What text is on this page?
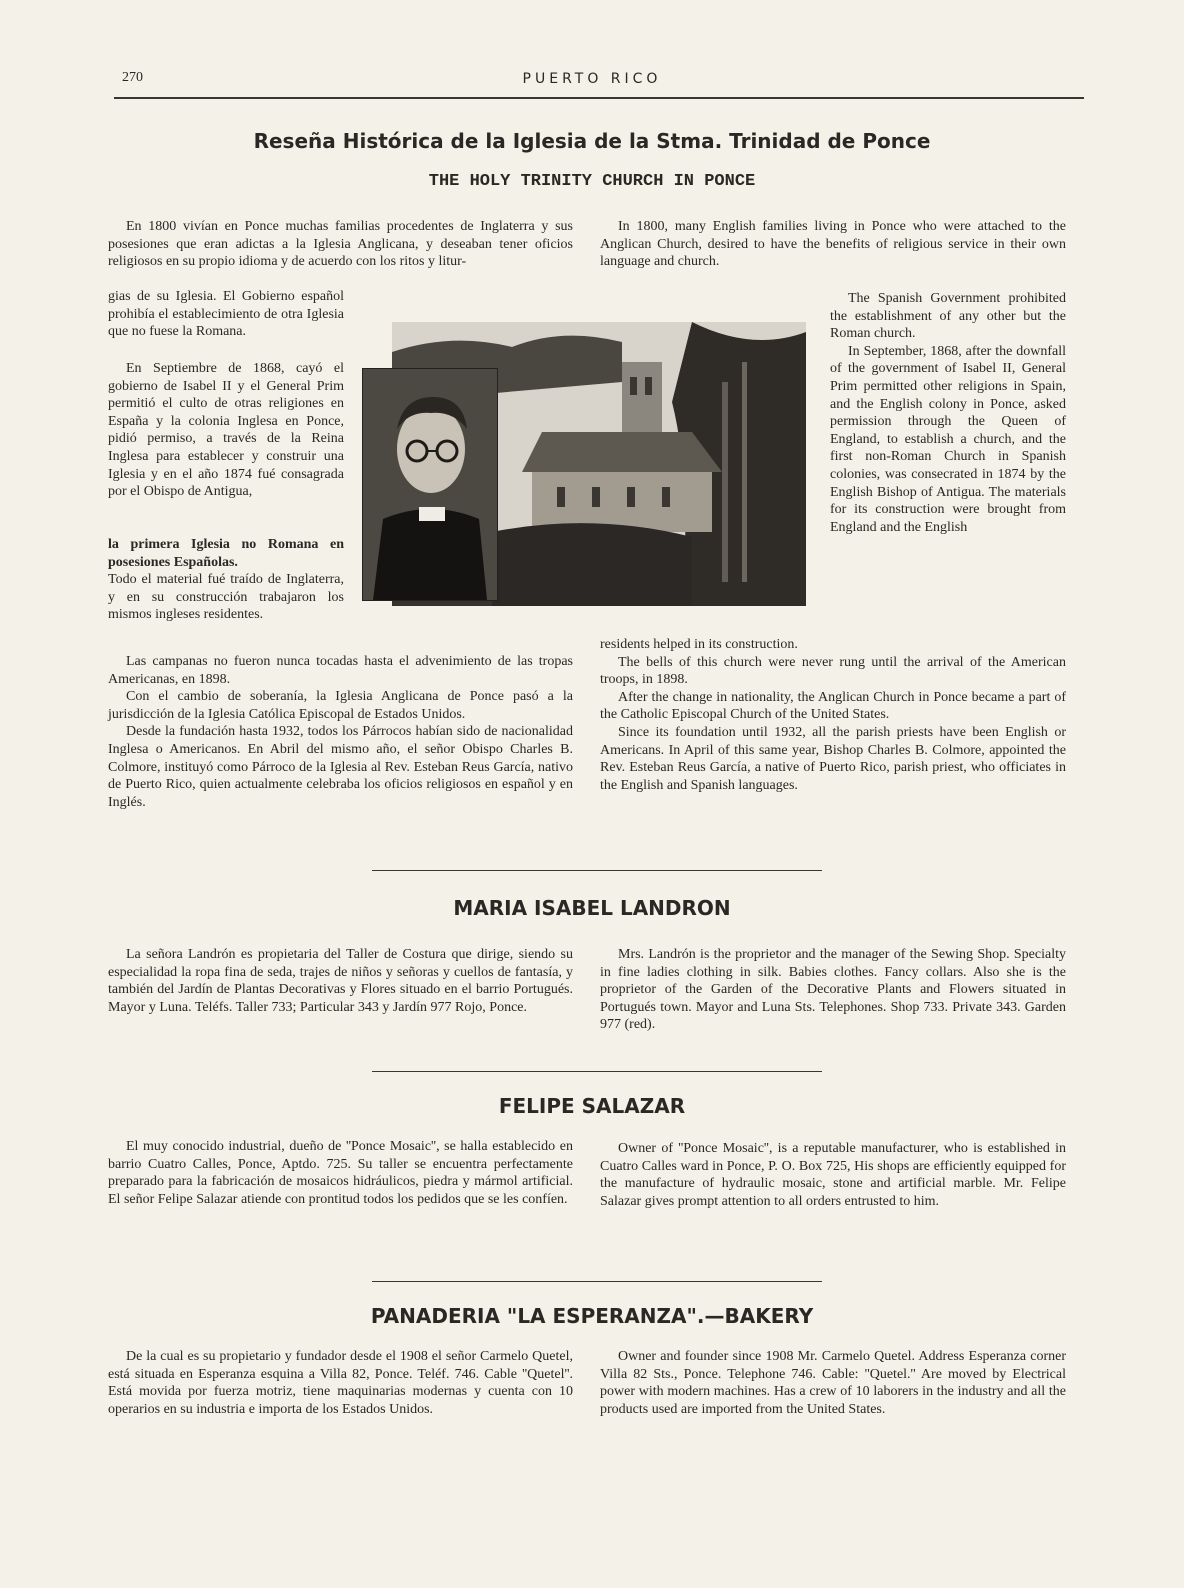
270	PUERTO RICO
Reseña Histórica de la Iglesia de la Stma. Trinidad de Ponce
THE HOLY TRINITY CHURCH IN PONCE

En 1800 vivían en Ponce muchas familias procedentes de Inglaterra y sus posesiones que eran adictas a la Iglesia Anglicana, y deseaban tener oficios religiosos en su propio idioma y de acuerdo con los ritos y litur-

gias de su Iglesia. El Gobierno español prohibía el establecimiento de otra Iglesia que no fuese la Romana.

En Septiembre de 1868, cayó el gobierno de Isabel II y el General Prim permitió el culto de otras religiones en España y la colonia Inglesa en Ponce, pidió permiso, a través de la Reina Inglesa para establecer y construir una Iglesia y en el año 1874 fué consagrada por el Obispo de Antigua,

la primera Iglesia no Romana en posesiones Españolas.

Todo el material fué traído de Inglaterra, y en su construcción trabajaron los mismos ingleses residentes.

Las campanas no fueron nunca tocadas hasta el advenimiento de las tropas Americanas, en 1898.

Con el cambio de soberanía, la Iglesia Anglicana de Ponce pasó a la jurisdicción de la Iglesia Católica Episcopal de Estados Unidos.

Desde la fundación hasta 1932, todos los Párrocos habían sido de nacionalidad Inglesa o Americanos. En Abril del mismo año, el señor Obispo Charles B. Colmore, instituyó como Párroco de la Iglesia al Rev. Esteban Reus García, nativo de Puerto Rico, quien actualmente celebraba los oficios religiosos en español y en Inglés.

In 1800, many English families living in Ponce who were attached to the Anglican Church, desired to have the benefits of religious service in their own language and church.

The Spanish Government prohibited the establishment of any other but the Roman church.

In September, 1868, after the downfall of the government of Isabel II, General Prim permitted other religions in Spain, and the English colony in Ponce, asked permission through the Queen of England, to establish a church, and the first non-Roman Church in Spanish colonies, was consecrated in 1874 by the English Bishop of Antigua. The materials for its construction were brought from England and the English

residents helped in its construction.

The bells of this church were never rung until the arrival of the American troops, in 1898.

After the change in nationality, the Anglican Church in Ponce became a part of the Catholic Episcopal Church of the United States.

Since its foundation until 1932, all the parish priests have been English or Americans. In April of this same year, Bishop Charles B. Colmore, appointed the Rev. Esteban Reus García, a native of Puerto Rico, parish priest, who officiates in the English and Spanish languages.

MARIA ISABEL LANDRON

La señora Landrón es propietaria del Taller de Costura que dirige, siendo su especialidad la ropa fina de seda, trajes de niños y señoras y cuellos de fantasía, y también del Jardín de Plantas Decorativas y Flores situado en el barrio Portugués. Mayor y Luna. Teléfs. Taller 733; Particular 343 y Jardín 977 Rojo, Ponce.

Mrs. Landrón is the proprietor and the manager of the Sewing Shop. Specialty in fine ladies clothing in silk. Babies clothes. Fancy collars. Also she is the proprietor of the Garden of the Decorative Plants and Flowers situated in Portugués town. Mayor and Luna Sts. Telephones. Shop 733. Private 343. Garden 977 (red).

FELIPE SALAZAR

El muy conocido industrial, dueño de ''Ponce Mosaic'', se halla establecido en barrio Cuatro Calles, Ponce, Aptdo. 725. Su taller se encuentra perfectamente preparado para la fabricación de mosaicos hidráulicos, piedra y mármol artificial. El señor Felipe Salazar atiende con prontitud todos los pedidos que se les confíen.

Owner of ''Ponce Mosaic'', is a reputable manufacturer, who is established in Cuatro Calles ward in Ponce, P. O. Box 725, His shops are efficiently equipped for the manufacture of hydraulic mosaic, stone and artificial marble. Mr. Felipe Salazar gives prompt attention to all orders entrusted to him.

PANADERIA "LA ESPERANZA".—BAKERY

De la cual es su propietario y fundador desde el 1908 el señor Carmelo Quetel, está situada en Esperanza esquina a Villa 82, Ponce. Teléf. 746. Cable ''Quetel''. Está movida por fuerza motriz, tiene maquinarias modernas y cuenta con 10 operarios en su industria e importa de los Estados Unidos.

Owner and founder since 1908 Mr. Carmelo Quetel. Address Esperanza corner Villa 82 Sts., Ponce. Telephone 746. Cable: ''Quetel.'' Are moved by Electrical power with modern machines. Has a crew of 10 laborers in the industry and all the products used are imported from the United States.
